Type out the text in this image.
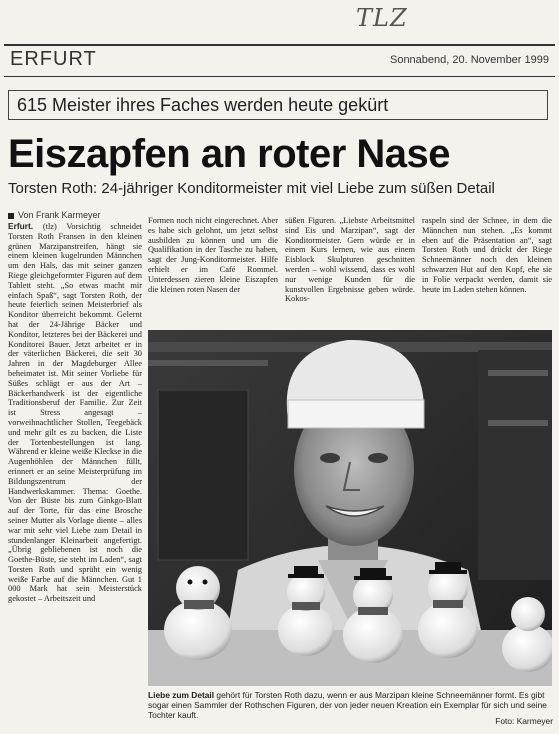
TLZ
ERFURT	Sonnabend, 20. November 1999
615 Meister ihres Faches werden heute gekürt
Eiszapfen an roter Nase
Torsten Roth: 24-jähriger Konditormeister mit viel Liebe zum süßen Detail
Von Frank Karmeyer

Erfurt. (tlz) Vorsichtig schneidet Torsten Roth Fransen in den kleinen grünen Marzipanstreifen, hängt sie einem kleinen kugelrunden Männchen um den Hals, das mit seiner ganzen Riege gleichgeformter Figuren auf dem Tablett steht. „So etwas macht mir einfach Spaß“, sagt Torsten Roth, der heute feierlich seinen Meisterbrief als Konditor überreicht bekommt. Gelernt hat der 24-Jährige Bäcker und Konditor, letzteres bei der Bäckerei und Konditorei Bauer. Jetzt arbeitet er in der väterlichen Bäckerei, die seit 30 Jahren in der Magdeburger Allee beheimatet ist. Mit seiner Vorliebe für Süßes schlägt er aus der Art – Bäckerhandwerk ist der eigentliche Traditionsberuf der Familie. Zur Zeit ist Stress angesagt – vorweihnachtlicher Stollen, Teegebäck und mehr gilt es zu backen, die Liste der Tortenbestellungen ist lang. Während er kleine weiße Kleckse in die Augenhöhlen der Männchen füllt, erinnert er an seine Meisterprüfung im Bildungszentrum der Handwerkskammer. Thema: Goethe. Von der Büste bis zum Ginkgo-Blatt auf der Torte, für das eine Brosche seiner Mutter als Vorlage diente – alles war mit sehr viel Liebe zum Detail in stundenlanger Kleinarbeit angefertigt. „Übrig gebliebenen ist noch die Goethe-Büste, sie steht im Laden“, sagt Torsten Roth und sprüht ein wenig weiße Farbe auf die Männchen. Gut 1 000 Mark hat sein Meisterstück gekostet – Arbeitszeit und

Formen noch nicht eingerechnet. Aber es habe sich gelohnt, um jetzt selbst ausbilden zu können und um die Qualifikation in der Tasche zu haben, sagt der Jung-Konditormeister. Hilfe erhielt er im Café Rommel. Unterdessen zieren kleine Eiszapfen die kleinen roten Nasen der

süßen Figuren. „Liebste Arbeitsmittel sind Eis und Marzipan“, sagt der Konditormeister. Gern würde er in einem Kurs lernen, wie aus einem Eisblock Skulpturen geschnitten werden – wohl wissend, dass es wohl nur wenige Kunden für die kunstvollen Ergebnisse geben würde. Kokos-

raspeln sind der Schnee, in dem die Männchen nun stehen. „Es kommt eben auf die Präsentation an“, sagt Torsten Roth und drückt der Riege Schneemänner noch den kleinen schwarzen Hut auf den Kopf, ehe sie in Folie verpackt werden, damit sie heute im Laden stehen können.

Liebe zum Detail gehört für Torsten Roth dazu, wenn er aus Marzipan kleine Schneemänner formt. Es gibt sogar einen Sammler der Rothschen Figuren, der von jeder neuen Kreation ein Exemplar für sich und seine Tochter kauft.
Foto: Karmeyer
